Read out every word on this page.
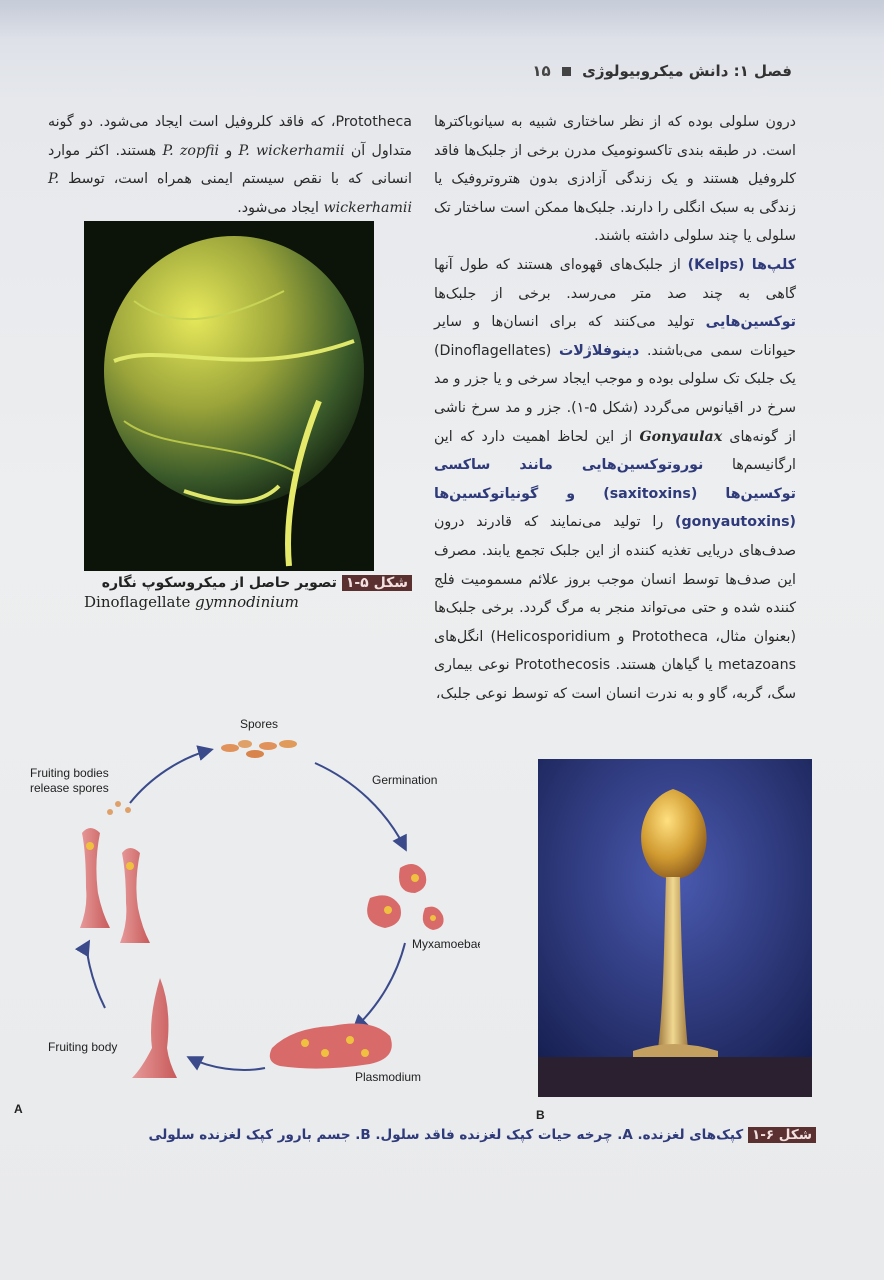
فصل ۱: دانش میکروبیولوژی  ۱۵

درون سلولی بوده که از نظر ساختاری شبیه به سیانوباکترها است. در طبقه بندی تاکسونومیک مدرن برخی از جلبک‌ها فاقد کلروفیل هستند و یک زندگی آزادزی بدون هتروتروفیک یا زندگی به سبک انگلی را دارند. جلبک‌ها ممکن است ساختار تک سلولی یا چند سلولی داشته باشند.

کلپ‌ها (Kelps) از جلبک‌های قهوه‌ای هستند که طول آنها گاهی به چند صد متر می‌رسد. برخی از جلبک‌ها توکسین‌هایی تولید می‌کنند که برای انسان‌ها و سایر حیوانات سمی می‌باشند. دینوفلاژلات (Dinoflagellates) یک جلبک تک سلولی بوده و موجب ایجاد سرخی و یا جزر و مد سرخ در اقیانوس می‌گردد (شکل ۵-۱). جزر و مد سرخ ناشی از گونه‌های Gonyaulax از این لحاظ اهمیت دارد که این ارگانیسم‌ها نوروتوکسین‌هایی مانند ساکسی توکسین‌ها (saxitoxins) و گونیاتوکسین‌ها (gonyautoxins) را تولید می‌نمایند که قادرند درون صدف‌های دریایی تغذیه کننده از این جلبک تجمع یابند. مصرف این صدف‌ها توسط انسان موجب بروز علائم مسمومیت فلج کننده شده و حتی می‌تواند منجر به مرگ گردد. برخی جلبک‌ها (بعنوان مثال، Prototheca و Helicosporidium) انگل‌های metazoans یا گیاهان هستند. Protothecosis نوعی بیماری سگ، گربه، گاو و به ندرت انسان است که توسط نوعی جلبک،

Prototheca، که فاقد کلروفیل است ایجاد می‌شود. دو گونه متداول آن P. wickerhamii و P. zopfii هستند. اکثر موارد انسانی که با نقص سیستم ایمنی همراه است، توسط P. wickerhamii ایجاد می‌شود.

شکل ۵-۱ تصویر حاصل از میکروسکوپ نگاره
Dinoflagellate gymnodinium
Spores
Germination
Myxamoebae
Plasmodium
Fruiting body
Fruiting bodies
release spores
A	B
شکل ۶-۱ کپک‌های لغزنده. A. چرخه حیات کپک لغزنده فاقد سلول. B. جسم بارور کپک لغزنده سلولی
